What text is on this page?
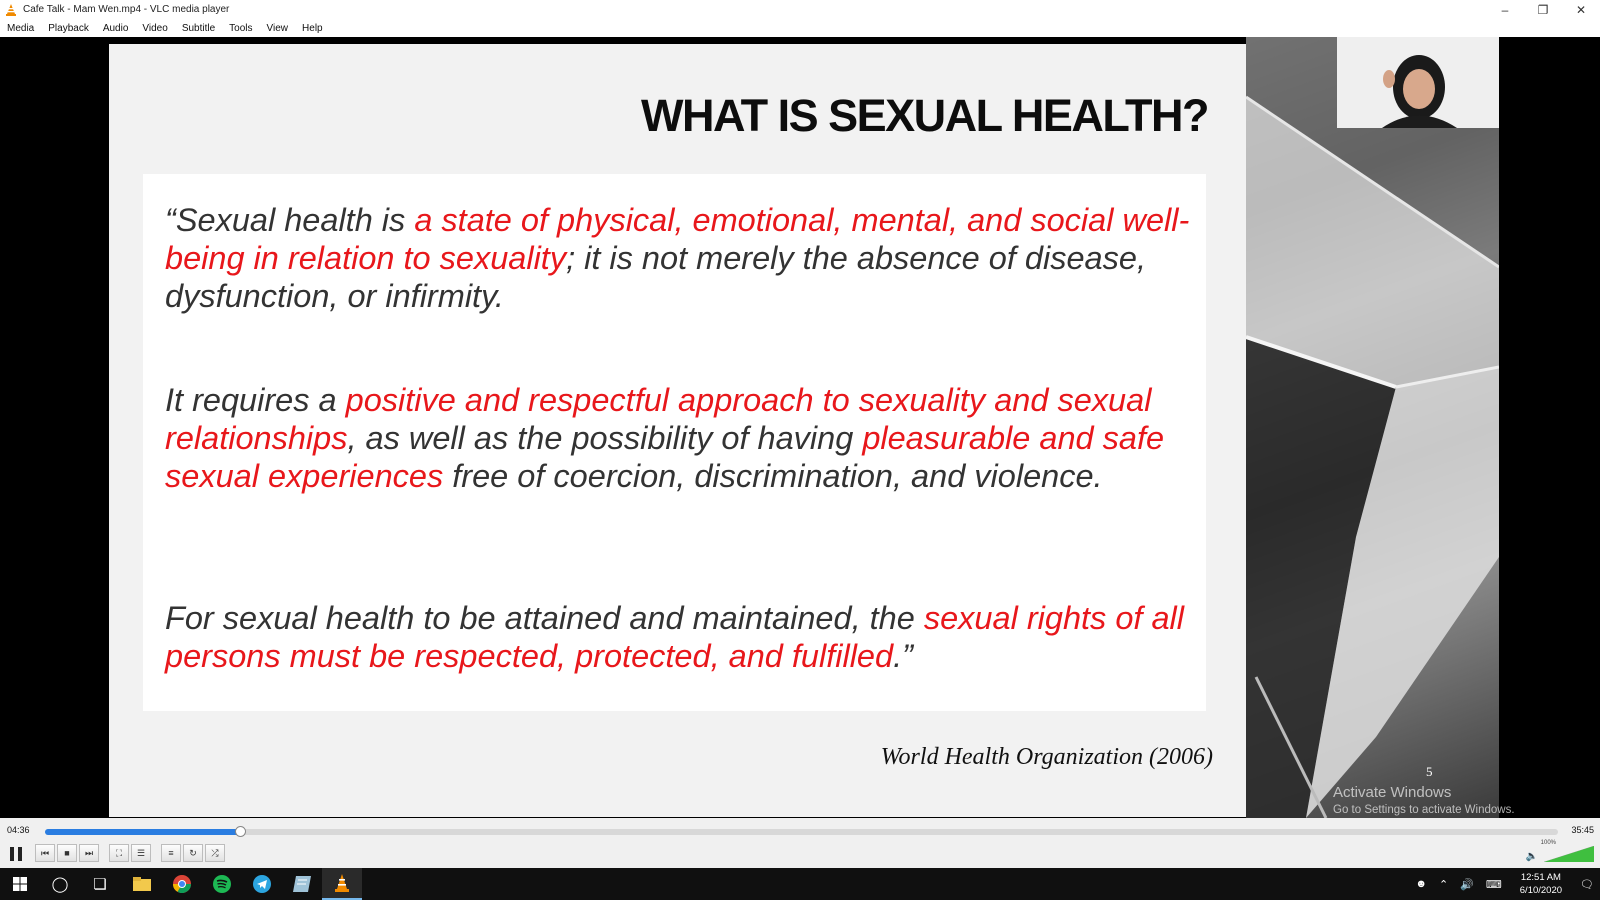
Cafe Talk - Mam Wen.mp4 - VLC media player	–	❐	✕
Media Playback Audio Video Subtitle Tools View Help
WHAT IS SEXUAL HEALTH?
“Sexual health is a state of physical, emotional, mental, and social well-being in relation to sexuality; it is not merely the absence of disease, dysfunction, or infirmity.
It requires a positive and respectful approach to sexuality and sexual relationships, as well as the possibility of having pleasurable and safe sexual experiences free of coercion, discrimination, and violence.
For sexual health to be attained and maintained, the sexual rights of all persons must be respected, protected, and fulfilled.”
World Health Organization (2006)
5
Activate Windows
Go to Settings to activate Windows.
04:36	35:45
⏮ ■ ⏭	⛶ ☰	≡ ↻ ⤮	🔈
100%
◯ ❏	☻ ⌃ 🔊 ⌨
12:51 AM
6/10/2020 🗨
